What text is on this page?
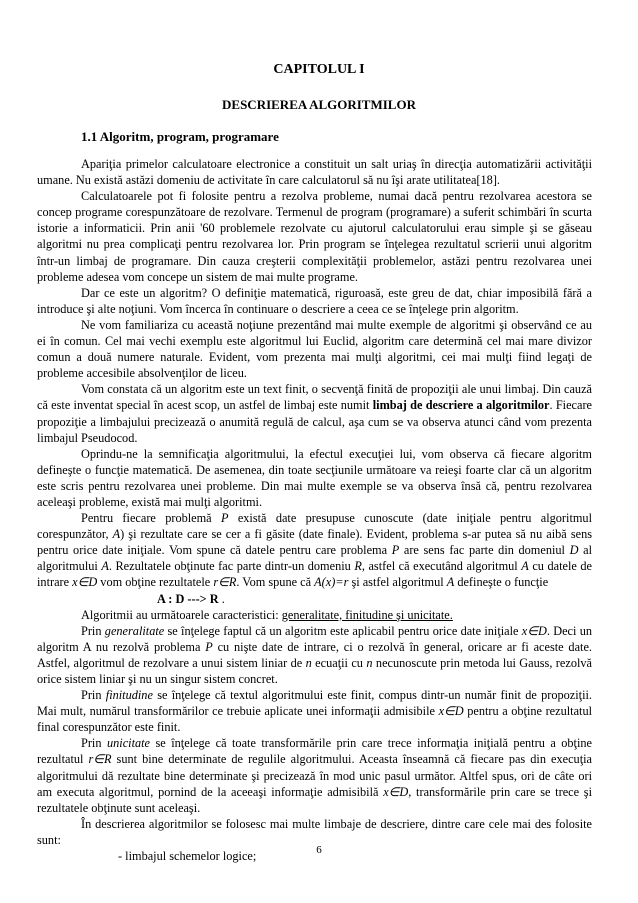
CAPITOLUL I
DESCRIEREA ALGORITMILOR
1.1 Algoritm, program, programare

Apariţia primelor calculatoare electronice a constituit un salt uriaş în direcţia automatizării activităţii umane. Nu există astăzi domeniu de activitate în care calculatorul să nu îşi arate utilitatea[18].

Calculatoarele pot fi folosite pentru a rezolva probleme, numai dacă pentru rezolvarea acestora se concep programe corespunzătoare de rezolvare. Termenul de program (programare) a suferit schimbări în scurta istorie a informaticii. Prin anii '60 problemele rezolvate cu ajutorul calculatorului erau simple şi se găseau algoritmi nu prea complicaţi pentru rezolvarea lor. Prin program se înţelegea rezultatul scrierii unui algoritm într-un limbaj de programare. Din cauza creşterii complexităţii problemelor, astăzi pentru rezolvarea unei probleme adesea vom concepe un sistem de mai multe programe.

Dar ce este un algoritm? O definiţie matematică, riguroasă, este greu de dat, chiar imposibilă fără a introduce şi alte noţiuni. Vom încerca în continuare o descriere a ceea ce se înţelege prin algoritm.

Ne vom familiariza cu această noţiune prezentând mai multe exemple de algoritmi şi observând ce au ei în comun. Cel mai vechi exemplu este algoritmul lui Euclid, algoritm care determină cel mai mare divizor comun a două numere naturale. Evident, vom prezenta mai mulţi algoritmi, cei mai mulţi fiind legaţi de probleme accesibile absolvenţilor de liceu.

Vom constata că un algoritm este un text finit, o secvenţă finită de propoziţii ale unui limbaj. Din cauză că este inventat special în acest scop, un astfel de limbaj este numit limbaj de descriere a algoritmilor. Fiecare propoziţie a limbajului precizează o anumită regulă de calcul, aşa cum se va observa atunci când vom prezenta limbajul Pseudocod.

Oprindu-ne la semnificaţia algoritmului, la efectul execuţiei lui, vom observa că fiecare algoritm defineşte o funcţie matematică. De asemenea, din toate secţiunile următoare va reieşi foarte clar că un algoritm este scris pentru rezolvarea unei probleme. Din mai multe exemple se va observa însă că, pentru rezolvarea aceleaşi probleme, există mai mulţi algoritmi.

Pentru fiecare problemă P există date presupuse cunoscute (date iniţiale pentru algoritmul corespunzător, A) şi rezultate care se cer a fi găsite (date finale). Evident, problema s-ar putea să nu aibă sens pentru orice date iniţiale. Vom spune că datele pentru care problema P are sens fac parte din domeniul D al algoritmului A. Rezultatele obţinute fac parte dintr-un domeniu R, astfel că executând algoritmul A cu datele de intrare x∈D vom obţine rezultatele r∈R. Vom spune că A(x)=r şi astfel algoritmul A defineşte o funcţie

A : D ---> R .

Algoritmii au următoarele caracteristici: generalitate, finitudine şi unicitate.

Prin generalitate se înţelege faptul că un algoritm este aplicabil pentru orice date iniţiale x∈D. Deci un algoritm A nu rezolvă problema P cu nişte date de intrare, ci o rezolvă în general, oricare ar fi aceste date. Astfel, algoritmul de rezolvare a unui sistem liniar de n ecuaţii cu n necunoscute prin metoda lui Gauss, rezolvă orice sistem liniar şi nu un singur sistem concret.

Prin finitudine se înţelege că textul algoritmului este finit, compus dintr-un număr finit de propoziţii. Mai mult, numărul transformărilor ce trebuie aplicate unei informaţii admisibile x∈D pentru a obţine rezultatul final corespunzător este finit.

Prin unicitate se înţelege că toate transformările prin care trece informaţia iniţială pentru a obţine rezultatul r∈R sunt bine determinate de regulile algoritmului. Aceasta înseamnă că fiecare pas din execuţia algoritmului dă rezultate bine determinate şi precizează în mod unic pasul următor. Altfel spus, ori de câte ori am executa algoritmul, pornind de la aceeaşi informaţie admisibilă x∈D, transformările prin care se trece şi rezultatele obţinute sunt aceleaşi.

În descrierea algoritmilor se folosesc mai multe limbaje de descriere, dintre care cele mai des folosite sunt:

- limbajul schemelor logice;	6
